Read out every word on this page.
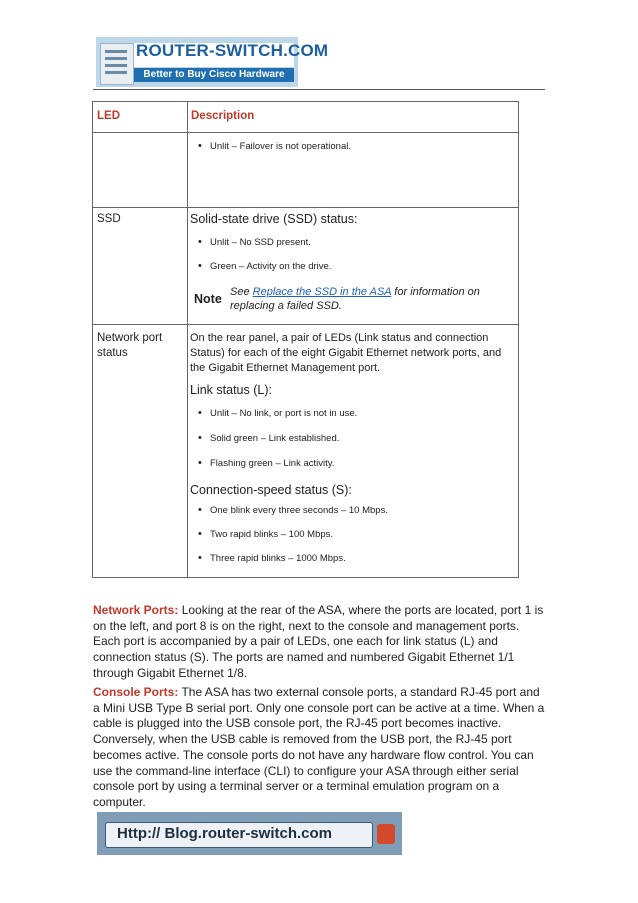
ROUTER-SWITCH.COM
Better to Buy Cisco Hardware
LED	Description
• Unlit – Failover is not operational.
SSD	Solid-state drive (SSD) status:
• Unlit – No SSD present.
• Green – Activity on the drive.
Note See Replace the SSD in the ASA for information on replacing a failed SSD.
Network port status
On the rear panel, a pair of LEDs (Link status and connection Status) for each of the eight Gigabit Ethernet network ports, and the Gigabit Ethernet Management port.
Link status (L):
• Unlit – No link, or port is not in use.
• Solid green – Link established.
• Flashing green – Link activity.
Connection-speed status (S):
• One blink every three seconds – 10 Mbps.
• Two rapid blinks – 100 Mbps.
• Three rapid blinks – 1000 Mbps.
Network Ports: Looking at the rear of the ASA, where the ports are located, port 1 is on the left, and port 8 is on the right, next to the console and management ports. Each port is accompanied by a pair of LEDs, one each for link status (L) and connection status (S). The ports are named and numbered Gigabit Ethernet 1/1 through Gigabit Ethernet 1/8.
Console Ports: The ASA has two external console ports, a standard RJ-45 port and a Mini USB Type B serial port. Only one console port can be active at a time. When a cable is plugged into the USB console port, the RJ-45 port becomes inactive. Conversely, when the USB cable is removed from the USB port, the RJ-45 port becomes active. The console ports do not have any hardware flow control. You can use the command-line interface (CLI) to configure your ASA through either serial console port by using a terminal server or a terminal emulation program on a computer.
Http:// Blog.router-switch.com
